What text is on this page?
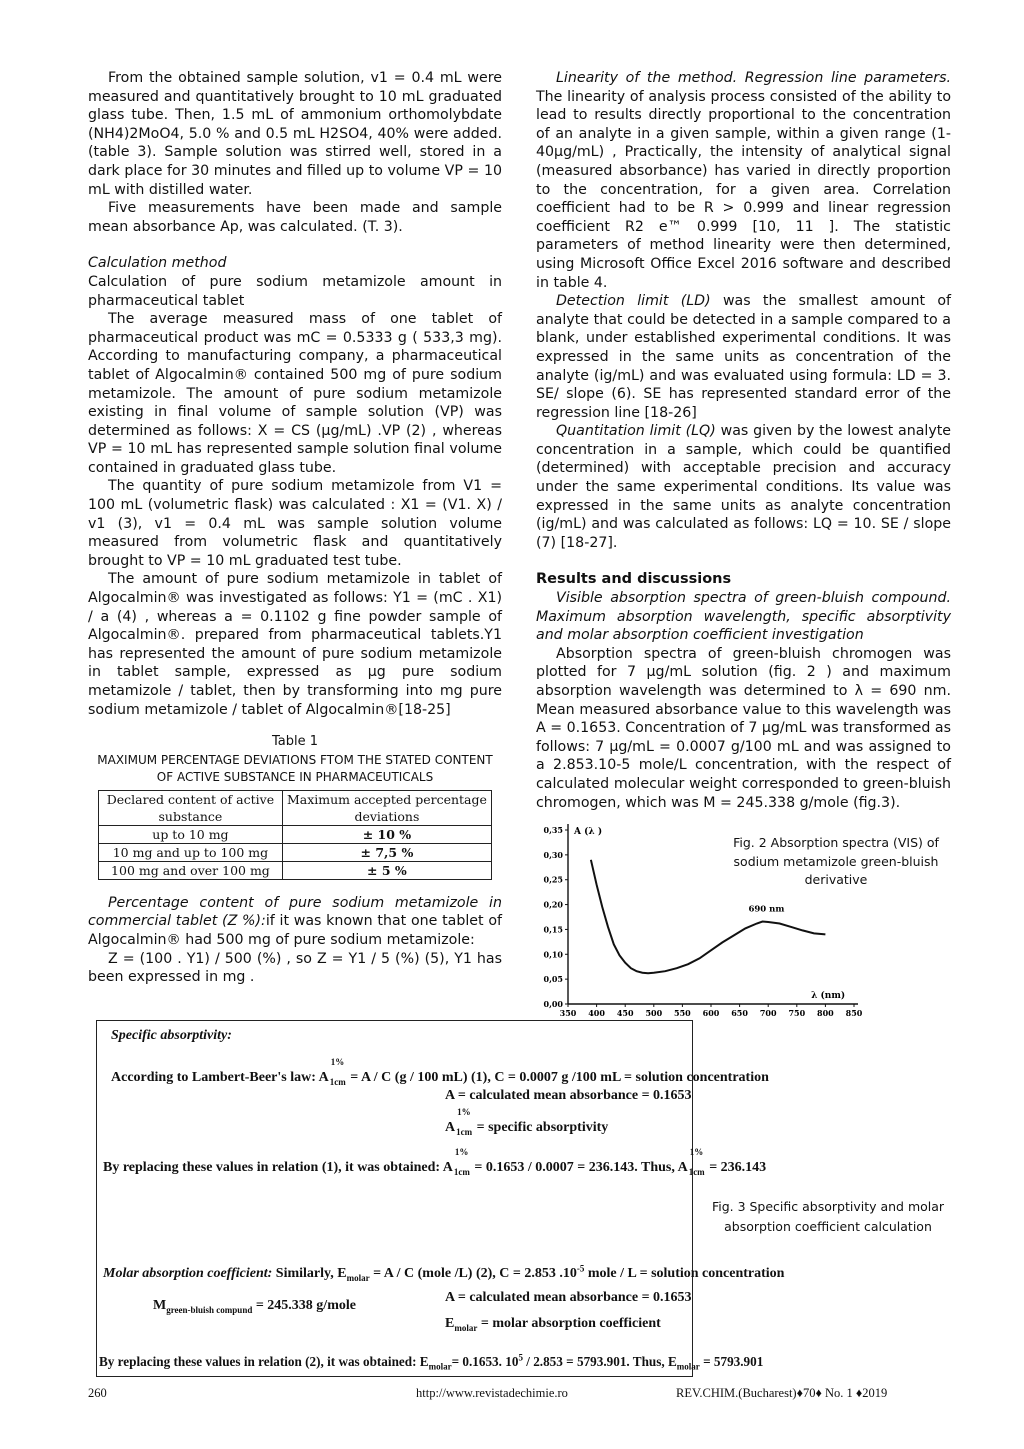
From the obtained sample solution, v1 = 0.4 mL were measured and quantitatively brought to 10 mL graduated glass tube. Then, 1.5 mL of ammonium orthomolybdate (NH4)2MoO4, 5.0 % and 0.5 mL H2SO4, 40% were added. (table 3). Sample solution was stirred well, stored in a dark place for 30 minutes and filled up to volume VP = 10 mL with distilled water.

Five measurements have been made and sample mean absorbance Ap, was calculated. (T. 3).

Calculation method

Calculation of pure sodium metamizole amount in pharmaceutical tablet

The average measured mass of one tablet of pharmaceutical product was mC = 0.5333 g ( 533,3 mg). According to manufacturing company, a pharmaceutical tablet of Algocalmin® contained 500 mg of pure sodium metamizole. The amount of pure sodium metamizole existing in final volume of sample solution (VP) was determined as follows: X = CS (µg/mL) .VP (2) , whereas VP = 10 mL has represented sample solution final volume contained in graduated glass tube.

The quantity of pure sodium metamizole from V1 = 100 mL (volumetric flask) was calculated : X1 = (V1. X) / v1 (3), v1 = 0.4 mL was sample solution volume measured from volumetric flask and quantitatively brought to VP = 10 mL graduated test tube.

The amount of pure sodium metamizole in tablet of Algocalmin® was investigated as follows: Y1 = (mC . X1) / a (4) , whereas a = 0.1102 g fine powder sample of Algocalmin®. prepared from pharmaceutical tablets.Y1 has represented the amount of pure sodium metamizole in tablet sample, expressed as µg pure sodium metamizole / tablet, then by transforming into mg pure sodium metamizole / tablet of Algocalmin®[18-25]

Table 1

MAXIMUM PERCENTAGE DEVIATIONS FTOM THE STATED CONTENT OF ACTIVE SUBSTANCE IN PHARMACEUTICALS

Declared content of active substance	Maximum accepted percentage deviations
up to 10 mg	± 10 %
10 mg and up to 100 mg	± 7,5 %
100 mg and over 100 mg	± 5 %

Percentage content of pure sodium metamizole in commercial tablet (Z %):if it was known that one tablet of Algocalmin® had 500 mg of pure sodium metamizole:

Z = (100 . Y1) / 500 (%) , so Z = Y1 / 5 (%) (5), Y1 has been expressed in mg .

Linearity of the method. Regression line parameters. The linearity of analysis process consisted of the ability to lead to results directly proportional to the concentration of an analyte in a given sample, within a given range (1-40µg/mL) , Practically, the intensity of analytical signal (measured absorbance) has varied in directly proportion to the concentration, for a given area. Correlation coefficient had to be R > 0.999 and linear regression coefficient R2 e™ 0.999 [10, 11 ]. The statistic parameters of method linearity were then determined, using Microsoft Office Excel 2016 software and described in table 4.

Detection limit (LD) was the smallest amount of analyte that could be detected in a sample compared to a blank, under established experimental conditions. It was expressed in the same units as concentration of the analyte (ig/mL) and was evaluated using formula: LD = 3. SE/ slope (6). SE has represented standard error of the regression line [18-26]

Quantitation limit (LQ) was given by the lowest analyte concentration in a sample, which could be quantified (determined) with acceptable precision and accuracy under the same experimental conditions. Its value was expressed in the same units as analyte concentration (ig/mL) and was calculated as follows: LQ = 10. SE / slope (7) [18-27].

Results and discussions

Visible absorption spectra of green-bluish compound. Maximum absorption wavelength, specific absorptivity and molar absorption coefficient investigation

Absorption spectra of green-bluish chromogen was plotted for 7 µg/mL solution (fig. 2 ) and maximum absorption wavelength was determined to λ = 690 nm. Mean measured absorbance value to this wavelength was A = 0.1653. Concentration of 7 µg/mL was transformed as follows: 7 µg/mL = 0.0007 g/100 mL and was assigned to a 2.853.10-5 mole/L concentration, with the respect of calculated molecular weight corresponded to green-bluish chromogen, which was M = 245.338 g/mole (fig.3).

0,00
0,05
0,10
0,15
0,20
0,25
0,30
0,35
350 400 450 500 550 600 650 700 750 800 850
A (λ )
λ (nm)
690 nm
Fig. 2 Absorption spectra (VIS) of sodium metamizole green-bluish derivative
Specific absorptivity:
According to Lambert-Beer's law: A
1%
1cm = A / C (g / 100 mL) (1), C = 0.0007 g /100 mL = solution concentration
A = calculated mean absorbance = 0.1653
A
1%
1cm = specific absorptivity
By replacing these values in relation (1), it was obtained: A
1%
1cm = 0.1653 / 0.0007 = 236.143. Thus, A
1%
1cm = 236.143
Molar absorption coefficient: Similarly, $E_{molar} = A / C$ (mole /L) (2), C = 2.853 $.10^{-5}$ mole / L = solution concentration
$M_{green-bluish compund} = 245.338$ g/mole
A = calculated mean absorbance = 0.1653
$E_{molar}$ = molar absorption coefficient
By replacing these values in relation (2), it was obtained: $E_{molar}= 0.1653$. $10^5 / 2.853 = 5793.901$. Thus, $E_{molar} = 5793.901$
Fig. 3 Specific absorptivity and molar absorption coefficient calculation
260	http://www.revistadechimie.ro	REV.CHIM.(Bucharest)♦70♦ No. 1 ♦2019
